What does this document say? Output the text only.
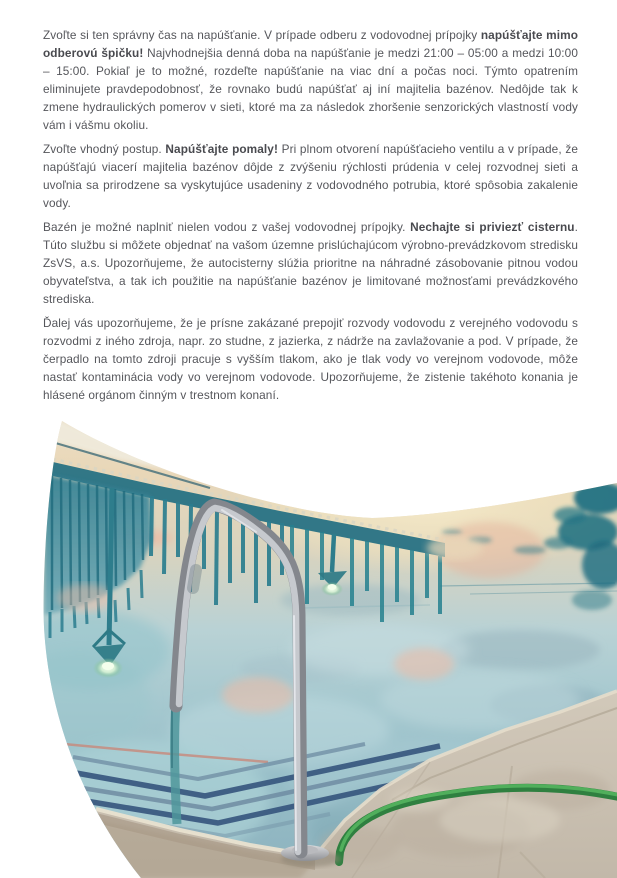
Zvoľte si ten správny čas na napúšťanie. V prípade odberu z vodovodnej prípojky napúšťajte mimo odberovú špičku! Najvhodnejšia denná doba na napúšťanie je medzi 21:00 – 05:00 a medzi 10:00 – 15:00. Pokiaľ je to možné, rozdeľte napúšťanie na viac dní a počas noci. Týmto opatrením eliminujete pravdepodobnosť, že rovnako budú napúšťať aj iní majitelia bazénov. Nedôjde tak k zmene hydraulických pomerov v sieti, ktoré ma za následok zhoršenie senzorických vlastností vody vám i vášmu okoliu.

Zvoľte vhodný postup. Napúšťajte pomaly! Pri plnom otvorení napúšťacieho ventilu a v prípade, že napúšťajú viacerí majitelia bazénov dôjde z zvýšeniu rýchlosti prúdenia v celej rozvodnej sieti a uvoľnia sa prirodzene sa vyskytujúce usadeniny z vodovodného potrubia, ktoré spôsobia zakalenie vody.

Bazén je možné naplniť nielen vodou z vašej vodovodnej prípojky. Nechajte si priviezť cisternu. Túto službu si môžete objednať na vašom územne prislúchajúcom výrobno-prevádzkovom stredisku ZsVS, a.s. Upozorňujeme, že autocisterny slúžia prioritne na náhradné zásobovanie pitnou vodou obyvateľstva, a tak ich použitie na napúšťanie bazénov je limitované možnosťami prevádzkového strediska.

Ďalej vás upozorňujeme, že je prísne zakázané prepojiť rozvody vodovodu z verejného vodovodu s rozvodmi z iného zdroja, napr. zo studne, z jazierka, z nádrže na zavlažovanie a pod. V prípade, že čerpadlo na tomto zdroji pracuje s vyšším tlakom, ako je tlak vody vo verejnom vodovode, môže nastať kontaminácia vody vo verejnom vodovode. Upozorňujeme, že zistenie takéhoto konania je hlásené orgánom činným v trestnom konaní.
